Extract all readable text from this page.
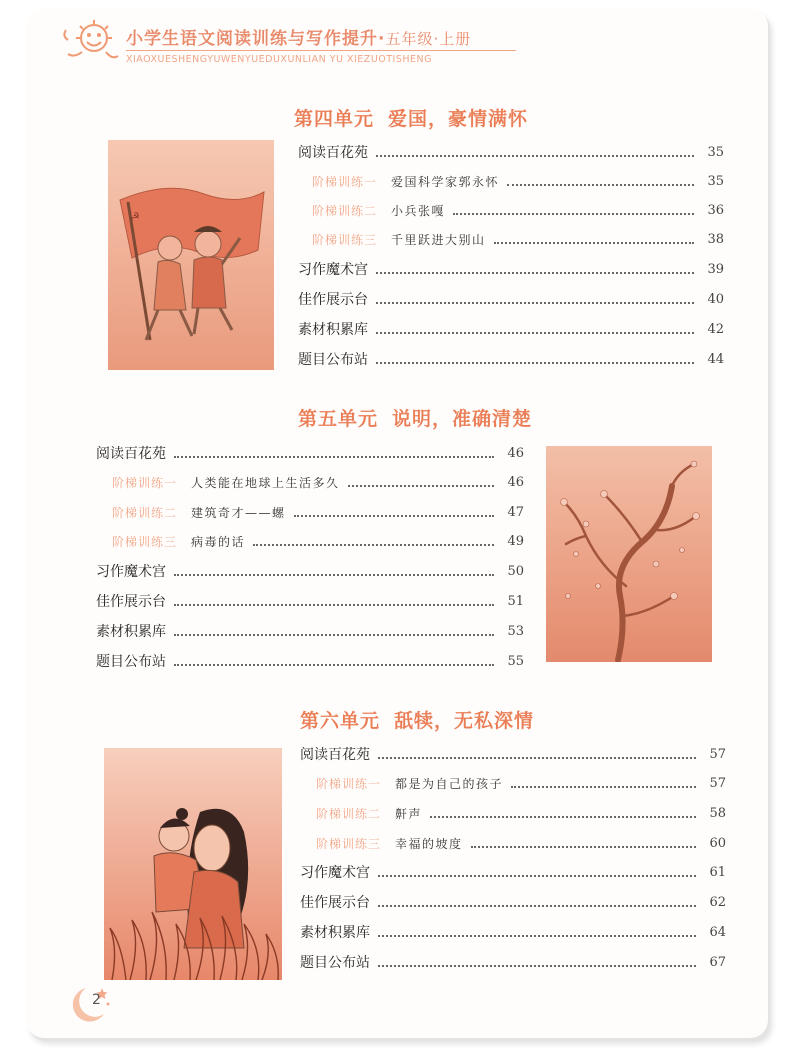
小学生语文阅读训练与写作提升·五年级·上册
XIAOXUESHENGYUWENYUEDUXUNLIAN YU XIEZUOTISHENG
第四单元 爱国，豪情满怀
☭
阅读百花苑	35
阶梯训练一 爱国科学家郭永怀	35
阶梯训练二 小兵张嘎	36
阶梯训练三 千里跃进大别山	38
习作魔术宫	39
佳作展示台	40
素材积累库	42
题目公布站	44
第五单元 说明，准确清楚
阅读百花苑	46
阶梯训练一 人类能在地球上生活多久	46
阶梯训练二 建筑奇才——螺	47
阶梯训练三 病毒的话	49
习作魔术宫	50
佳作展示台	51
素材积累库	53
题目公布站	55
第六单元 舐犊，无私深情
阅读百花苑	57
阶梯训练一 都是为自己的孩子	57
阶梯训练二 鼾声	58
阶梯训练三 幸福的坡度	60
习作魔术宫	61
佳作展示台	62
素材积累库	64
题目公布站	67
2
